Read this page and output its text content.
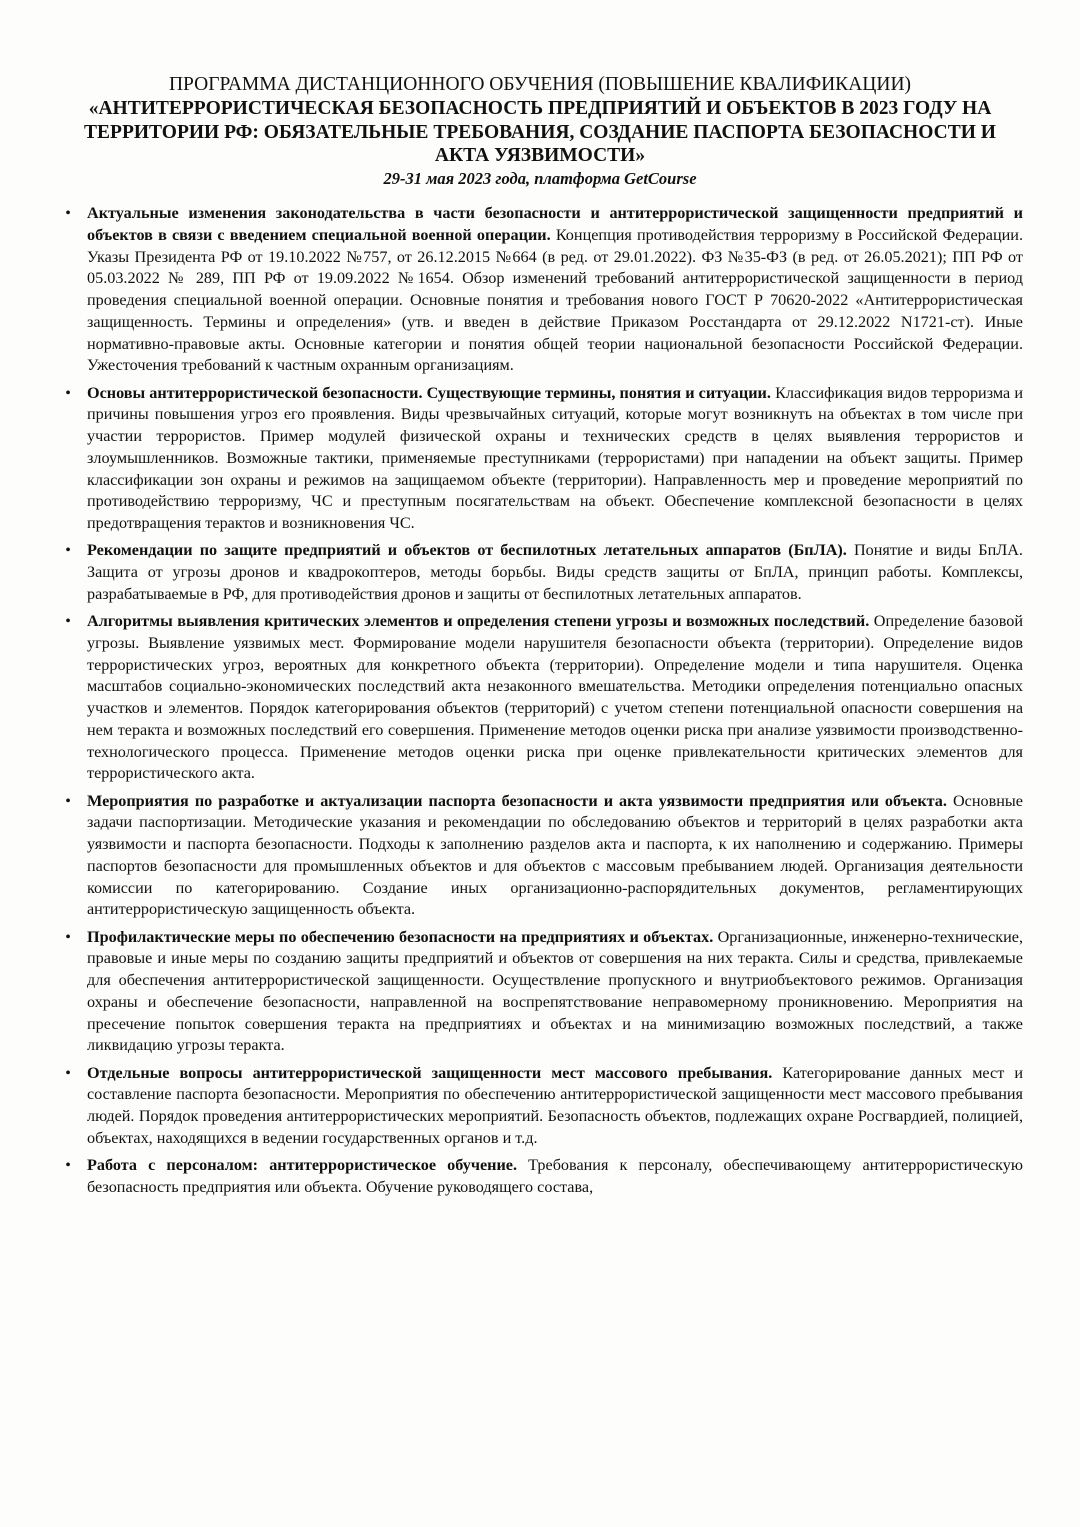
ПРОГРАММА ДИСТАНЦИОННОГО ОБУЧЕНИЯ (ПОВЫШЕНИЕ КВАЛИФИКАЦИИ)

«АНТИТЕРРОРИСТИЧЕСКАЯ БЕЗОПАСНОСТЬ ПРЕДПРИЯТИЙ И ОБЪЕКТОВ В 2023 ГОДУ НА ТЕРРИТОРИИ РФ: ОБЯЗАТЕЛЬНЫЕ ТРЕБОВАНИЯ, СОЗДАНИЕ ПАСПОРТА БЕЗОПАСНОСТИ И АКТА УЯЗВИМОСТИ»

29-31 мая 2023 года, платформа GetCourse

•	Актуальные изменения законодательства в части безопасности и антитеррористической защищенности предприятий и объектов в связи с введением специальной военной операции. Концепция противодействия терроризму в Российской Федерации. Указы Президента РФ от 19.10.2022 №757, от 26.12.2015 №664 (в ред. от 29.01.2022). ФЗ №35-ФЗ (в ред. от 26.05.2021); ПП РФ от 05.03.2022 № 289, ПП РФ от 19.09.2022 №1654. Обзор изменений требований антитеррористической защищенности в период проведения специальной военной операции. Основные понятия и требования нового ГОСТ Р 70620-2022 «Антитеррористическая защищенность. Термины и определения» (утв. и введен в действие Приказом Росстандарта от 29.12.2022 N1721-ст). Иные нормативно-правовые акты. Основные категории и понятия общей теории национальной безопасности Российской Федерации. Ужесточения требований к частным охранным организациям.
•	Основы антитеррористической безопасности. Существующие термины, понятия и ситуации. Классификация видов терроризма и причины повышения угроз его проявления. Виды чрезвычайных ситуаций, которые могут возникнуть на объектах в том числе при участии террористов. Пример модулей физической охраны и технических средств в целях выявления террористов и злоумышленников. Возможные тактики, применяемые преступниками (террористами) при нападении на объект защиты. Пример классификации зон охраны и режимов на защищаемом объекте (территории). Направленность мер и проведение мероприятий по противодействию терроризму, ЧС и преступным посягательствам на объект. Обеспечение комплексной безопасности в целях предотвращения терактов и возникновения ЧС.
•	Рекомендации по защите предприятий и объектов от беспилотных летательных аппаратов (БпЛА). Понятие и виды БпЛА. Защита от угрозы дронов и квадрокоптеров, методы борьбы. Виды средств защиты от БпЛА, принцип работы. Комплексы, разрабатываемые в РФ, для противодействия дронов и защиты от беспилотных летательных аппаратов.
•	Алгоритмы выявления критических элементов и определения степени угрозы и возможных последствий. Определение базовой угрозы. Выявление уязвимых мест. Формирование модели нарушителя безопасности объекта (территории). Определение видов террористических угроз, вероятных для конкретного объекта (территории). Определение модели и типа нарушителя. Оценка масштабов социально-экономических последствий акта незаконного вмешательства. Методики определения потенциально опасных участков и элементов. Порядок категорирования объектов (территорий) с учетом степени потенциальной опасности совершения на нем теракта и возможных последствий его совершения. Применение методов оценки риска при анализе уязвимости производственно-технологического процесса. Применение методов оценки риска при оценке привлекательности критических элементов для террористического акта.
•	Мероприятия по разработке и актуализации паспорта безопасности и акта уязвимости предприятия или объекта. Основные задачи паспортизации. Методические указания и рекомендации по обследованию объектов и территорий в целях разработки акта уязвимости и паспорта безопасности. Подходы к заполнению разделов акта и паспорта, к их наполнению и содержанию. Примеры паспортов безопасности для промышленных объектов и для объектов с массовым пребыванием людей. Организация деятельности комиссии по категорированию. Создание иных организационно-распорядительных документов, регламентирующих антитеррористическую защищенность объекта.
•	Профилактические меры по обеспечению безопасности на предприятиях и объектах. Организационные, инженерно-технические, правовые и иные меры по созданию защиты предприятий и объектов от совершения на них теракта. Силы и средства, привлекаемые для обеспечения антитеррористической защищенности. Осуществление пропускного и внутриобъектового режимов. Организация охраны и обеспечение безопасности, направленной на воспрепятствование неправомерному проникновению. Мероприятия на пресечение попыток совершения теракта на предприятиях и объектах и на минимизацию возможных последствий, а также ликвидацию угрозы теракта.
•	Отдельные вопросы антитеррористической защищенности мест массового пребывания. Категорирование данных мест и составление паспорта безопасности. Мероприятия по обеспечению антитеррористической защищенности мест массового пребывания людей. Порядок проведения антитеррористических мероприятий. Безопасность объектов, подлежащих охране Росгвардией, полицией, объектах, находящихся в ведении государственных органов и т.д.
•	Работа с персоналом: антитеррористическое обучение. Требования к персоналу, обеспечивающему антитеррористическую безопасность предприятия или объекта. Обучение руководящего состава,
